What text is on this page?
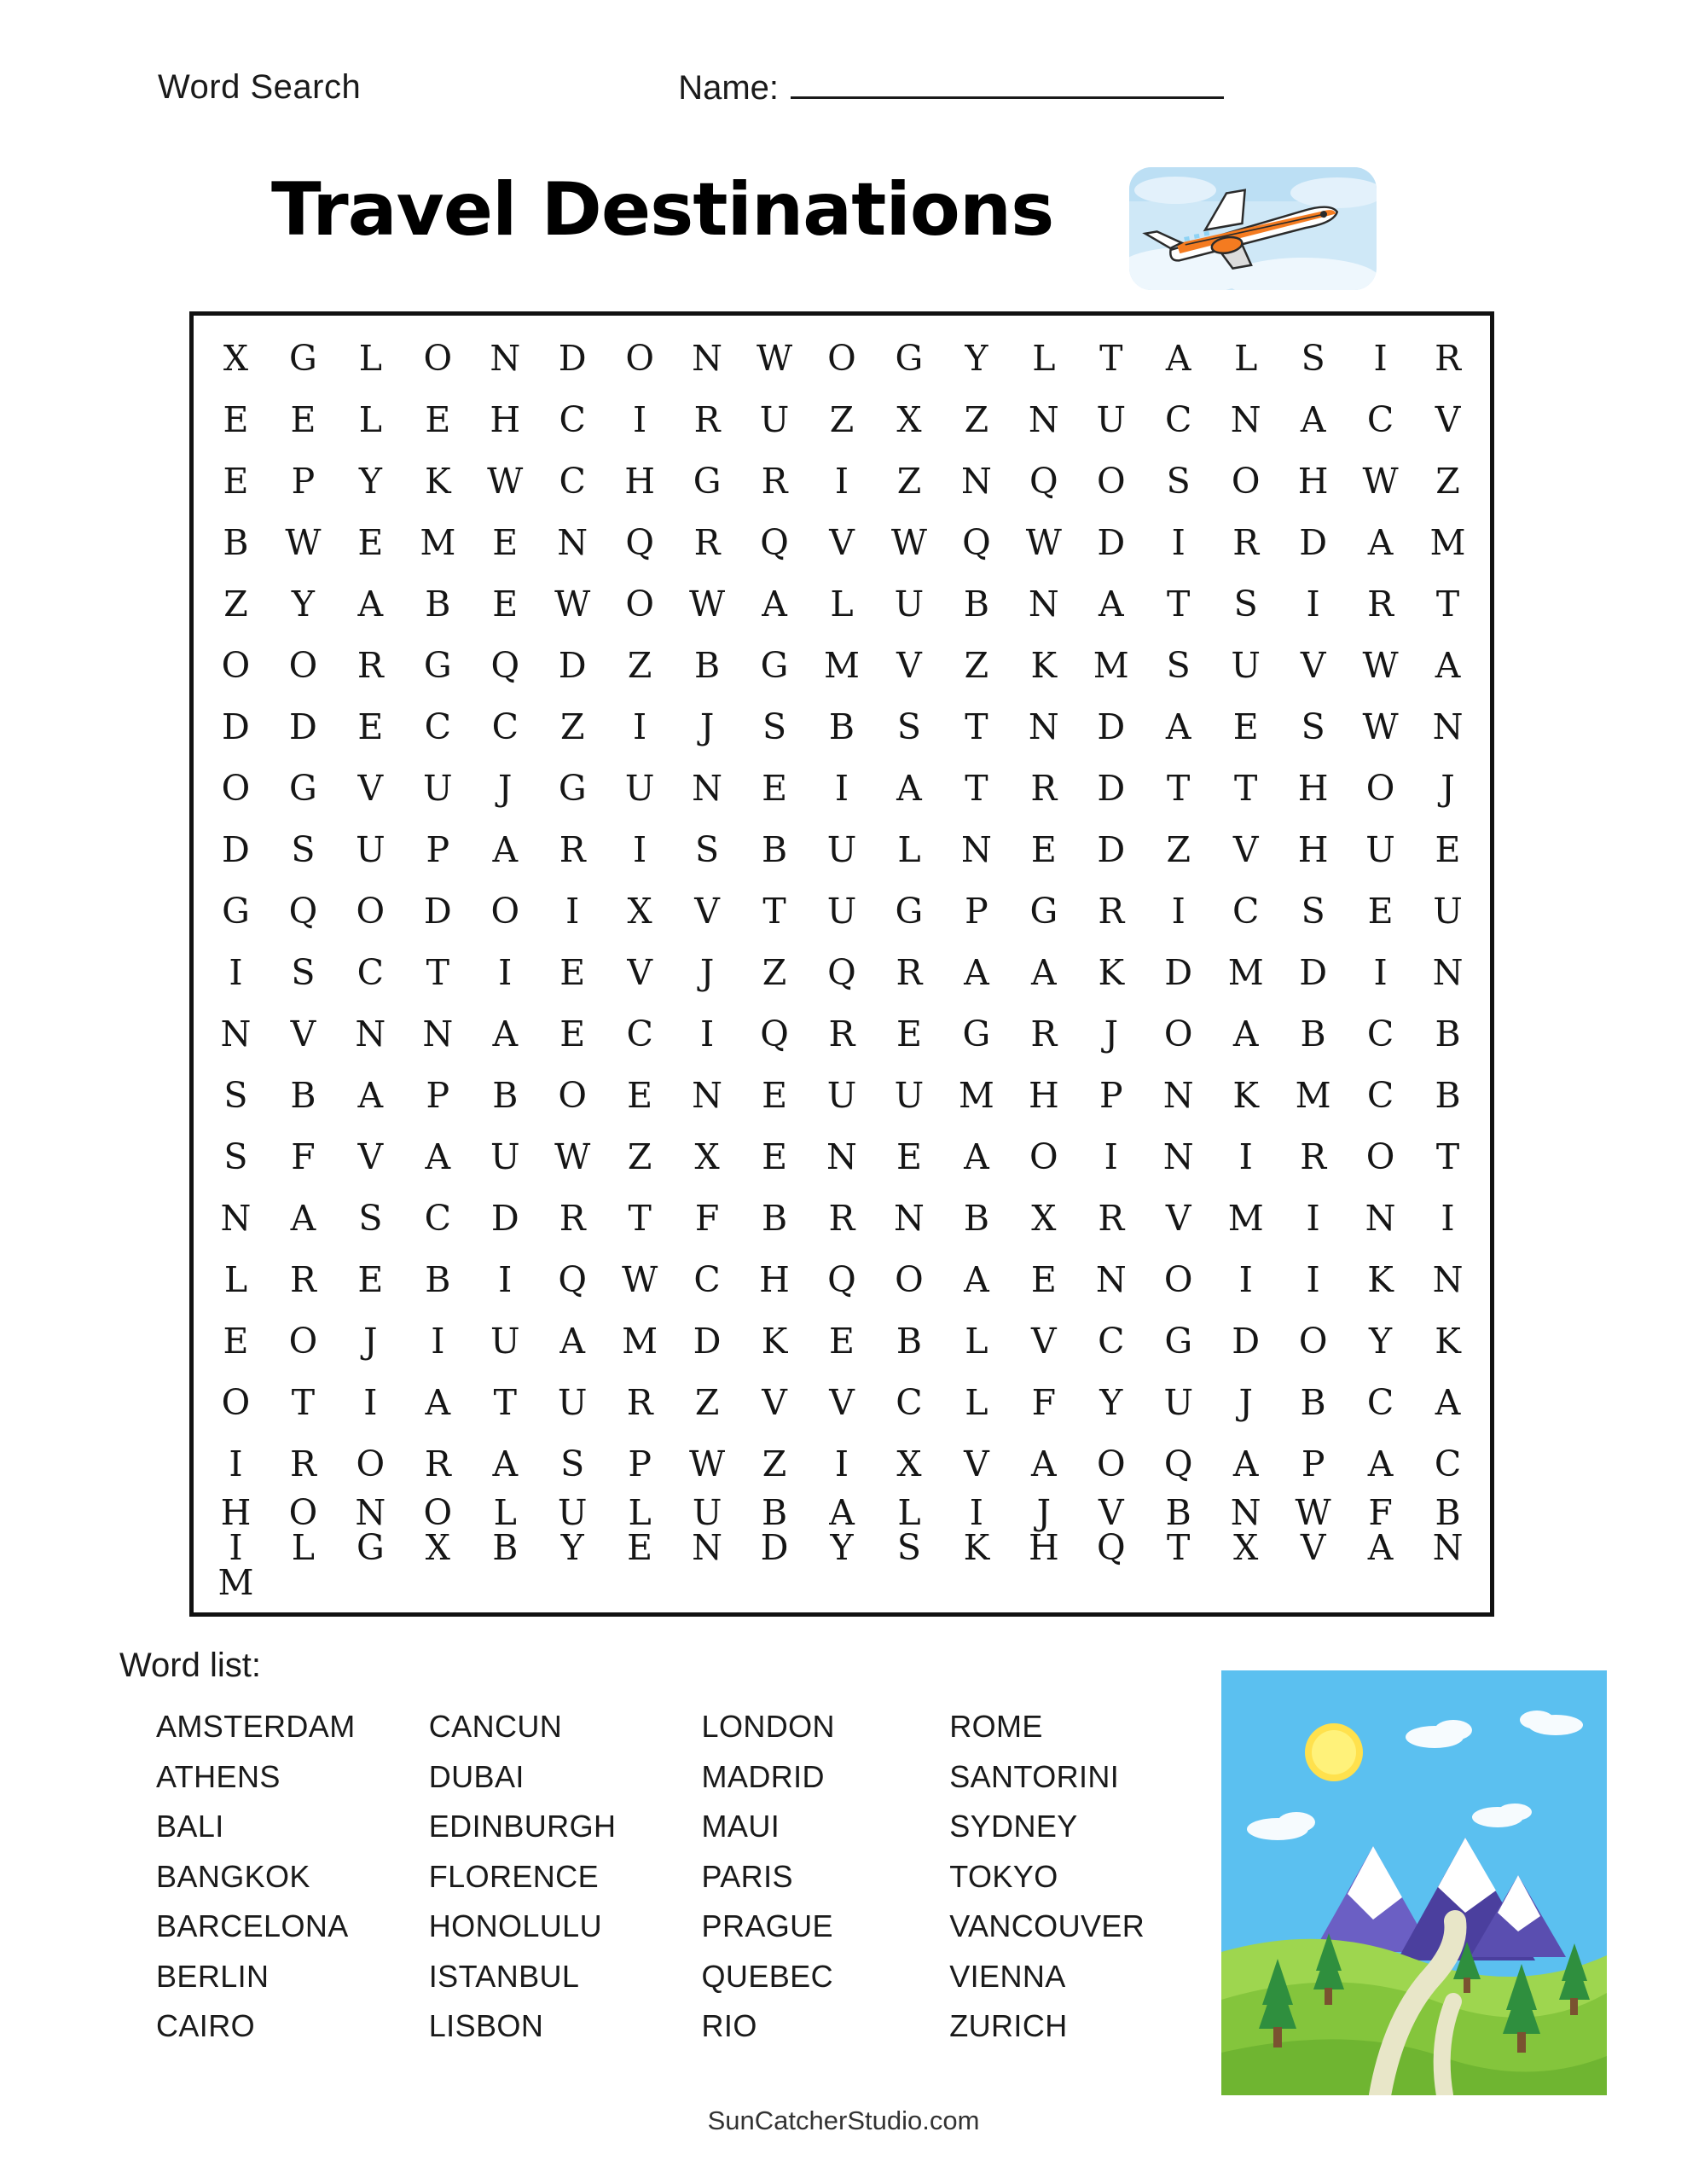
Word Search	Name:
Travel Destinations
X G L O N D O N W O G Y L T A L S I R
E E L E H C I R U Z X Z N U C N A C V
E P Y K W C H G R I Z N Q O S O H W Z
B W E M E N Q R Q V W Q W D I R D A M
Z Y A B E W O W A L U B N A T S I R T
O O R G Q D Z B G M V Z K M S U V W A
D D E C C Z I J S B S T N D A E S W N
O G V U J G U N E I A T R D T T H O J
D S U P A R I S B U L N E D Z V H U E
G Q O D O I X V T U G P G R I C S E U
I S C T I E V J Z Q R A A K D M D I N
N V N N A E C I Q R E G R J O A B C B
S B A P B O E N E U U M H P N K M C B
S F V A U W Z X E N E A O I N I R O T
N A S C D R T F B R N B X R V M I N I
L R E B I Q W C H Q O A E N O I I K N
E O J I U A M D K E B L V C G D O Y K
O T I A T U R Z V V C L F Y U J B C A
I R O R A S P W Z I X V A O Q A P A C
H O N O L U L U B A L I J V B N W F B
I L G X B Y E N D Y S K H Q T X V A N
M
Word list:
AMSTERDAM
ATHENS
BALI
BANGKOK
BARCELONA
BERLIN
CAIRO
CANCUN
DUBAI
EDINBURGH
FLORENCE
HONOLULU
ISTANBUL
LISBON
LONDON
MADRID
MAUI
PARIS
PRAGUE
QUEBEC
RIO
ROME
SANTORINI
SYDNEY
TOKYO
VANCOUVER
VIENNA
ZURICH
SunCatcherStudio.com
